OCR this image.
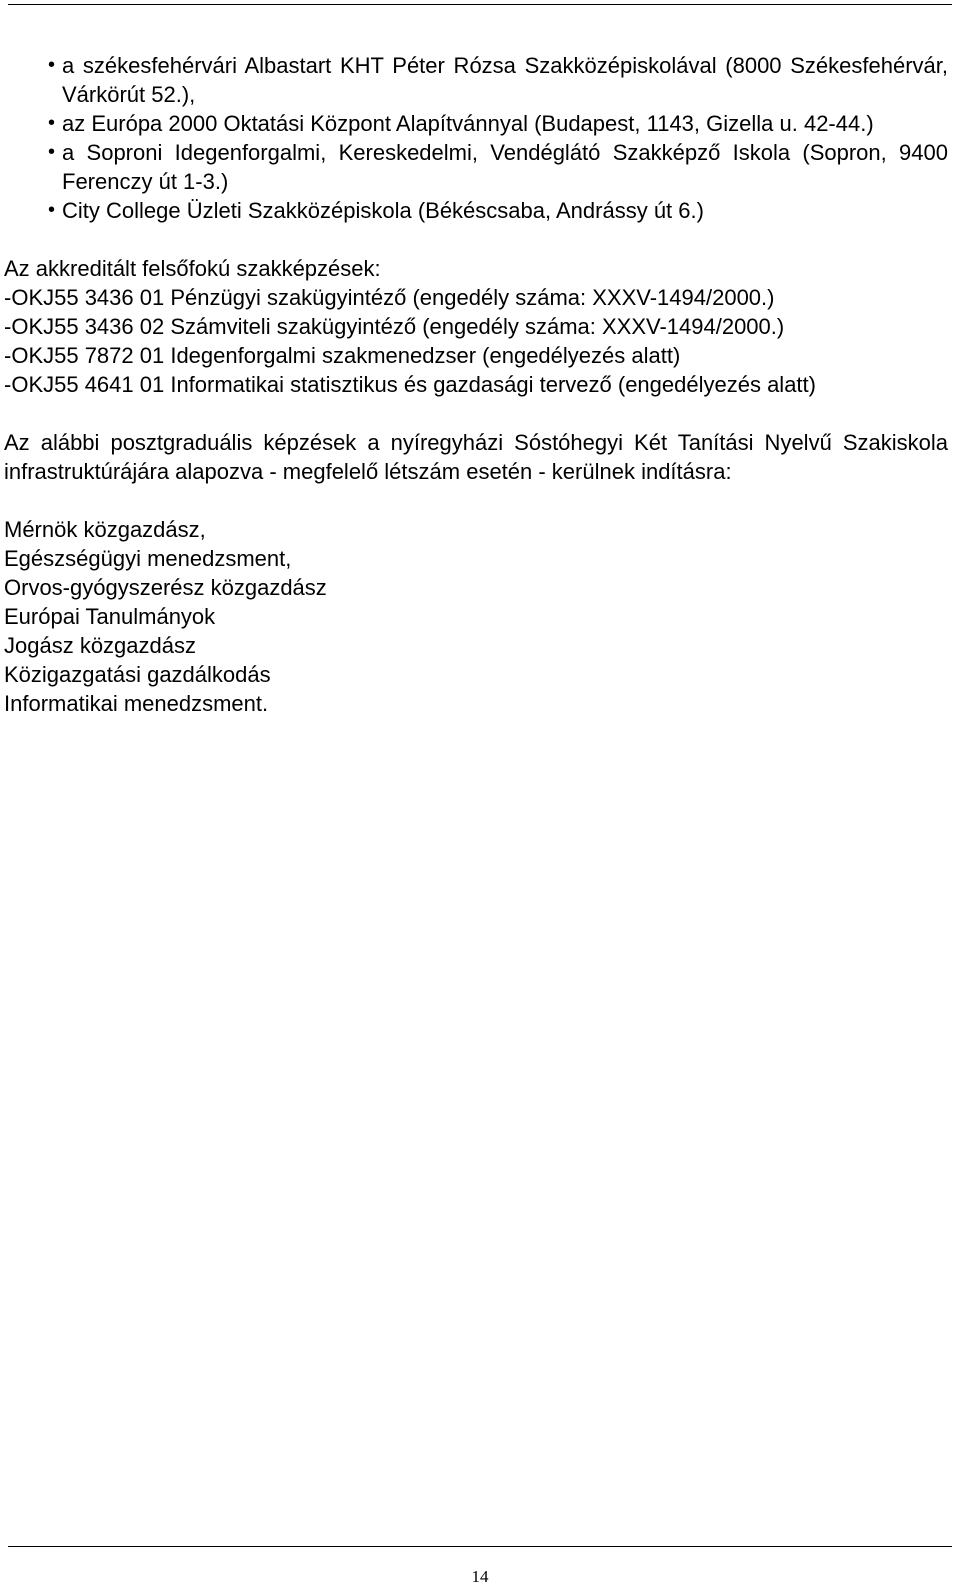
• a székesfehérvári Albastart KHT Péter Rózsa Szakközépiskolával (8000 Székesfehérvár, Várkörút 52.),
• az Európa 2000 Oktatási Központ Alapítvánnyal (Budapest, 1143, Gizella u. 42-44.)
• a Soproni Idegenforgalmi, Kereskedelmi, Vendéglátó Szakképző Iskola (Sopron, 9400 Ferenczy út 1-3.)
• City College Üzleti Szakközépiskola (Békéscsaba, Andrássy út 6.)
Az akkreditált felsőfokú szakképzések:
-OKJ55 3436 01 Pénzügyi szakügyintéző (engedély száma: XXXV-1494/2000.)
-OKJ55 3436 02 Számviteli szakügyintéző (engedély száma: XXXV-1494/2000.)
-OKJ55 7872 01 Idegenforgalmi szakmenedzser (engedélyezés alatt)
-OKJ55 4641 01 Informatikai statisztikus és gazdasági tervező (engedélyezés alatt)

Az alábbi posztgraduális képzések a nyíregyházi Sóstóhegyi Két Tanítási Nyelvű Szakiskola infrastruktúrájára alapozva - megfelelő létszám esetén - kerülnek indításra:

Mérnök közgazdász,
Egészségügyi menedzsment,
Orvos-gyógyszerész közgazdász
Európai Tanulmányok
Jogász közgazdász
Közigazgatási gazdálkodás
Informatikai menedzsment.
14
